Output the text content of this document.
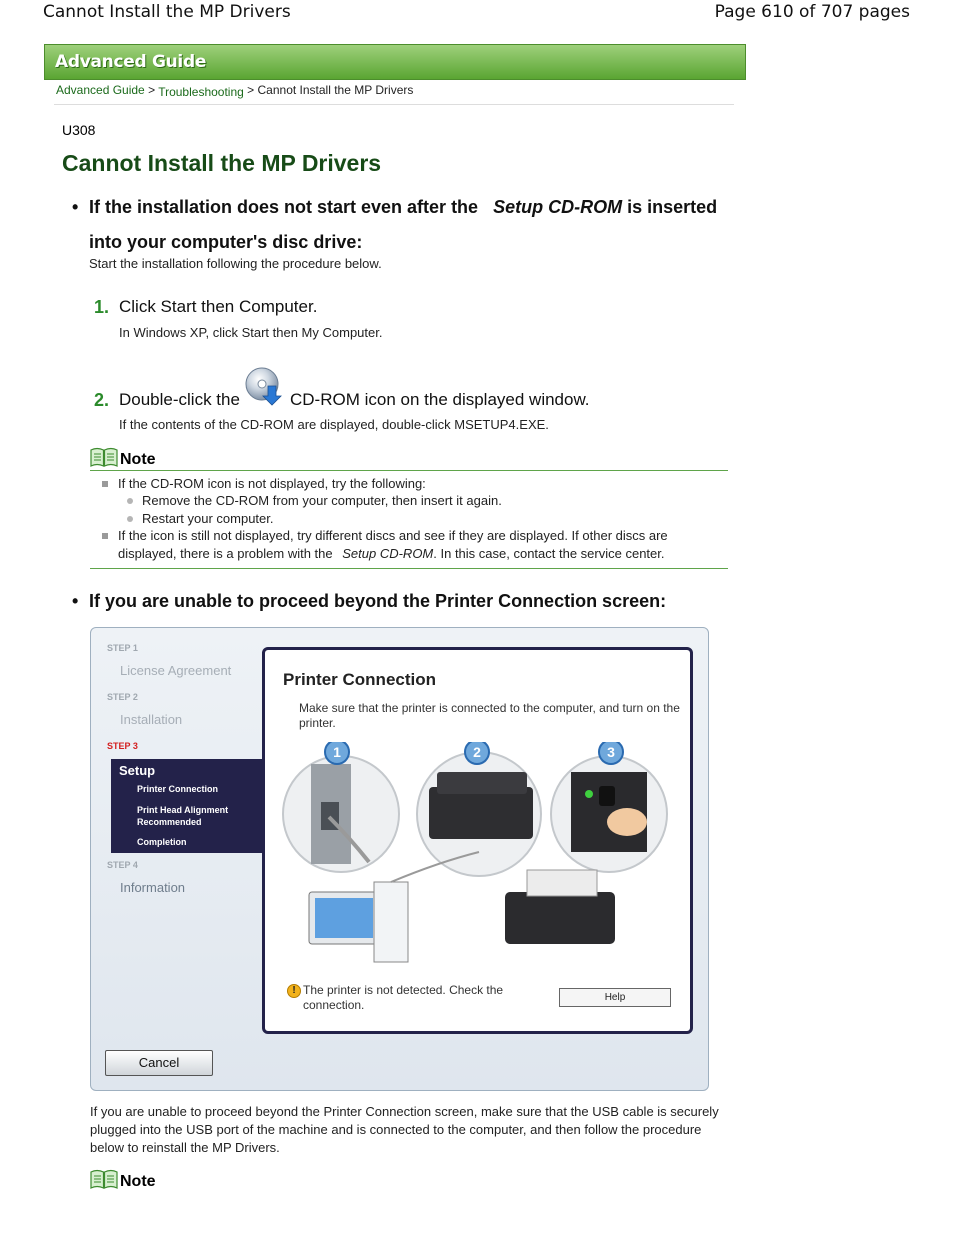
Cannot Install the MP Drivers	Page 610 of 707 pages
Advanced Guide
Advanced Guide > Troubleshooting > Cannot Install the MP Drivers
U308
Cannot Install the MP Drivers
• If the installation does not start even after the Setup CD-ROM is inserted
into your computer's disc drive:
Start the installation following the procedure below.
1. Click Start then Computer.
In Windows XP, click Start then My Computer.
2. Double-click the	CD-ROM icon on the displayed window.
If the contents of the CD-ROM are displayed, double-click MSETUP4.EXE.
Note
If the CD-ROM icon is not displayed, try the following:
Remove the CD-ROM from your computer, then insert it again.
Restart your computer.
If the icon is still not displayed, try different discs and see if they are displayed. If other discs are
displayed, there is a problem with the Setup CD-ROM. In this case, contact the service center.
• If you are unable to proceed beyond the Printer Connection screen:
STEP 1
License Agreement
STEP 2
Installation
STEP 3
Setup
Printer Connection
Print Head Alignment
Recommended
Completion
STEP 4
Information
Printer Connection
Make sure that the printer is connected to the computer, and turn on the printer.
1	2	3
! The printer is not detected. Check the connection.
Help
Cancel
If you are unable to proceed beyond the Printer Connection screen, make sure that the USB cable is securely plugged into the USB port of the machine and is connected to the computer, and then follow the procedure below to reinstall the MP Drivers.
Note
